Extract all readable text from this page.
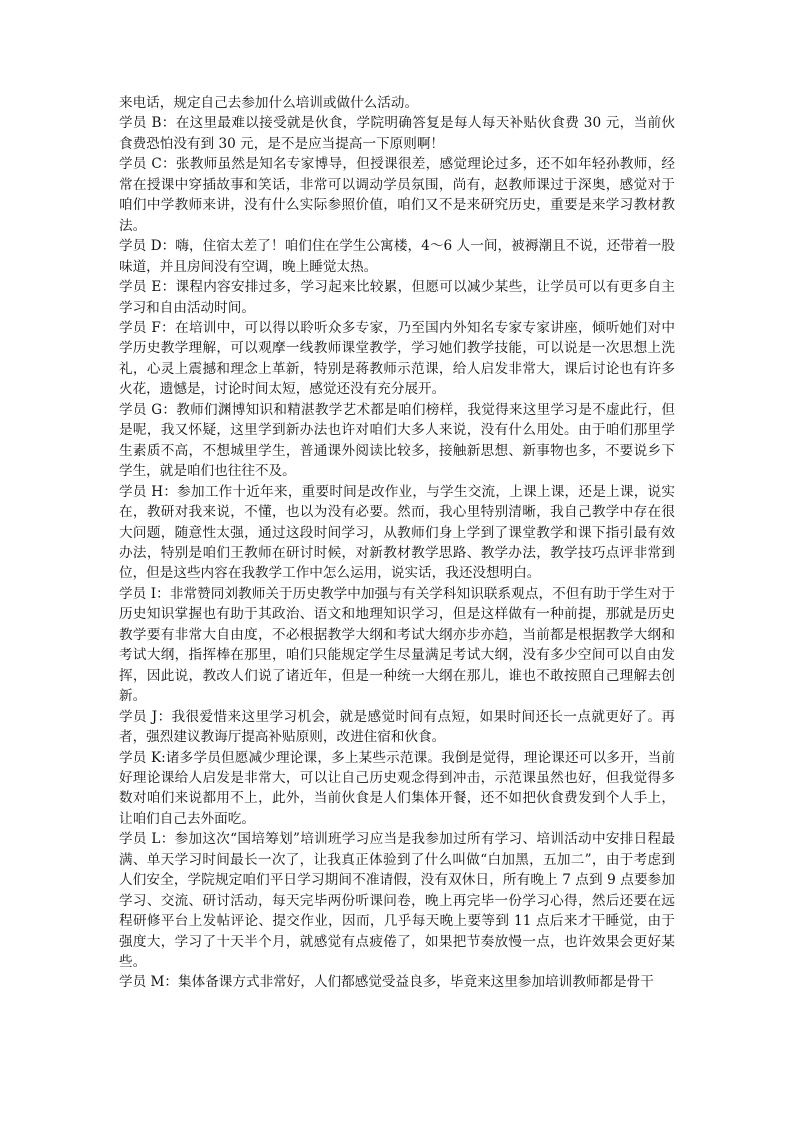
来电话，规定自己去参加什么培训或做什么活动。

学员 B：在这里最难以接受就是伙食，学院明确答复是每人每天补贴伙食费 30 元，当前伙食费恐怕没有到 30 元，是不是应当提高一下原则啊！

学员 C：张教师虽然是知名专家博导，但授课很差，感觉理论过多，还不如年轻孙教师，经常在授课中穿插故事和笑话，非常可以调动学员氛围，尚有，赵教师课过于深奥，感觉对于咱们中学教师来讲，没有什么实际参照价值，咱们又不是来研究历史，重要是来学习教材教法。

学员 D：嗨，住宿太差了！咱们住在学生公寓楼，4～6 人一间，被褥潮且不说，还带着一股味道，并且房间没有空调，晚上睡觉太热。

学员 E：课程内容安排过多，学习起来比较累，但愿可以减少某些，让学员可以有更多自主学习和自由活动时间。

学员 F：在培训中，可以得以聆听众多专家，乃至国内外知名专家专家讲座，倾听她们对中学历史教学理解，可以观摩一线教师课堂教学，学习她们教学技能，可以说是一次思想上洗礼，心灵上震撼和理念上革新，特别是蒋教师示范课，给人启发非常大，课后讨论也有许多火花，遗憾是，讨论时间太短，感觉还没有充分展开。

学员 G：教师们渊博知识和精湛教学艺术都是咱们榜样，我觉得来这里学习是不虚此行，但是呢，我又怀疑，这里学到新办法也许对咱们大多人来说，没有什么用处。由于咱们那里学生素质不高，不想城里学生，普通课外阅读比较多，接触新思想、新事物也多，不要说乡下学生，就是咱们也往往不及。

学员 H：参加工作十近年来，重要时间是改作业，与学生交流，上课上课，还是上课，说实在，教研对我来说，不懂，也以为没有必要。然而，我心里特别清晰，我自己教学中存在很大问题，随意性太强，通过这段时间学习，从教师们身上学到了课堂教学和课下指引最有效办法，特别是咱们王教师在研讨时候，对新教材教学思路、教学办法，教学技巧点评非常到位，但是这些内容在我教学工作中怎么运用，说实话，我还没想明白。

学员 I：非常赞同刘教师关于历史教学中加强与有关学科知识联系观点，不但有助于学生对于历史知识掌握也有助于其政治、语文和地理知识学习，但是这样做有一种前提，那就是历史教学要有非常大自由度，不必根据教学大纲和考试大纲亦步亦趋，当前都是根据教学大纲和考试大纲，指挥棒在那里，咱们只能规定学生尽量满足考试大纲，没有多少空间可以自由发挥，因此说，教改人们说了诸近年，但是一种统一大纲在那儿，谁也不敢按照自己理解去创新。

学员 J：我很爱惜来这里学习机会，就是感觉时间有点短，如果时间还长一点就更好了。再者，强烈建议教诲厅提高补贴原则，改进住宿和伙食。

学员 K:诸多学员但愿减少理论课，多上某些示范课。我倒是觉得，理论课还可以多开，当前好理论课给人启发是非常大，可以让自己历史观念得到冲击，示范课虽然也好，但我觉得多数对咱们来说都用不上，此外，当前伙食是人们集体开餐，还不如把伙食费发到个人手上，让咱们自己去外面吃。

学员 L：参加这次“国培筹划”培训班学习应当是我参加过所有学习、培训活动中安排日程最满、单天学习时间最长一次了，让我真正体验到了什么叫做“白加黑，五加二”，由于考虑到人们安全，学院规定咱们平日学习期间不准请假，没有双休日，所有晚上 7 点到 9 点要参加学习、交流、研讨活动，每天完毕两份听课问卷，晚上再完毕一份学习心得，然后还要在远程研修平台上发帖评论、提交作业，因而，几乎每天晚上要等到 11 点后来才干睡觉，由于强度大，学习了十天半个月，就感觉有点疲倦了，如果把节奏放慢一点，也许效果会更好某些。

学员 M：集体备课方式非常好，人们都感觉受益良多，毕竟来这里参加培训教师都是骨干
